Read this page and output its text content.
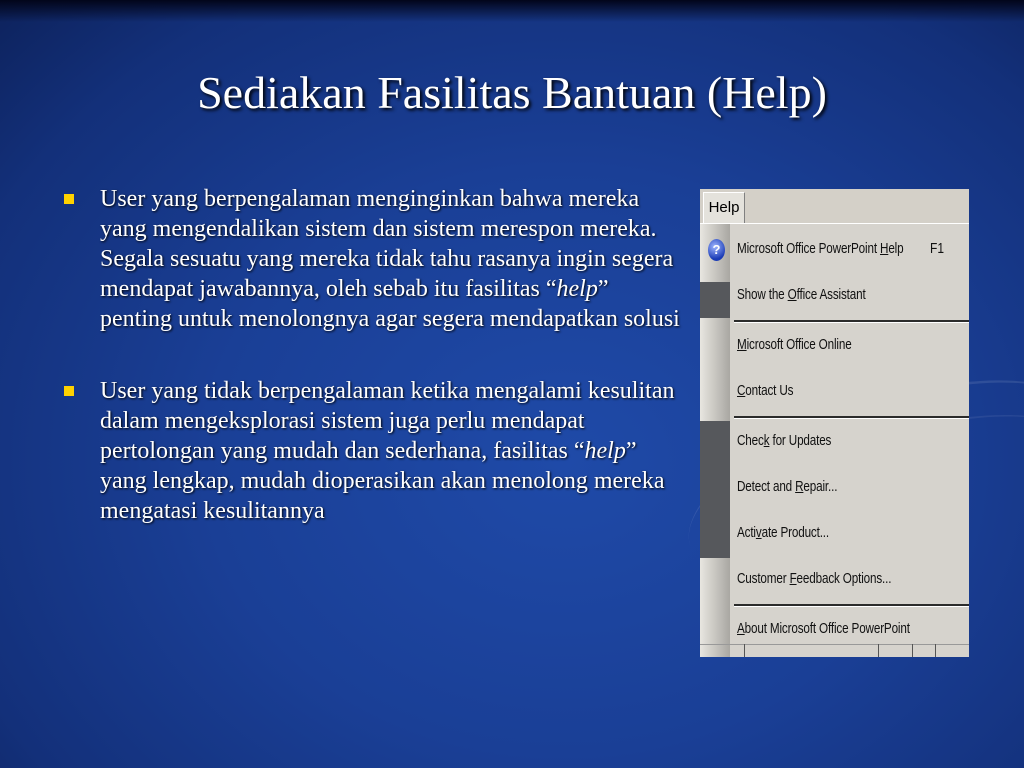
Sediakan Fasilitas Bantuan (Help)
User yang berpengalaman menginginkan bahwa mereka yang mengendalikan sistem dan sistem merespon mereka. Segala sesuatu yang mereka tidak tahu rasanya ingin segera mendapat jawabannya, oleh sebab itu fasilitas “help” penting untuk menolongnya agar segera mendapatkan solusi
User yang tidak berpengalaman ketika mengalami kesulitan dalam mengeksplorasi sistem juga perlu mendapat pertolongan yang mudah dan sederhana, fasilitas “help” yang lengkap, mudah dioperasikan akan menolong mereka mengatasi kesulitannya
Help
?	Microsoft Office PowerPoint Help F1
Show the Office Assistant
Microsoft Office Online
Contact Us
Check for Updates
Detect and Repair...
Activate Product...
Customer Feedback Options...
About Microsoft Office PowerPoint
